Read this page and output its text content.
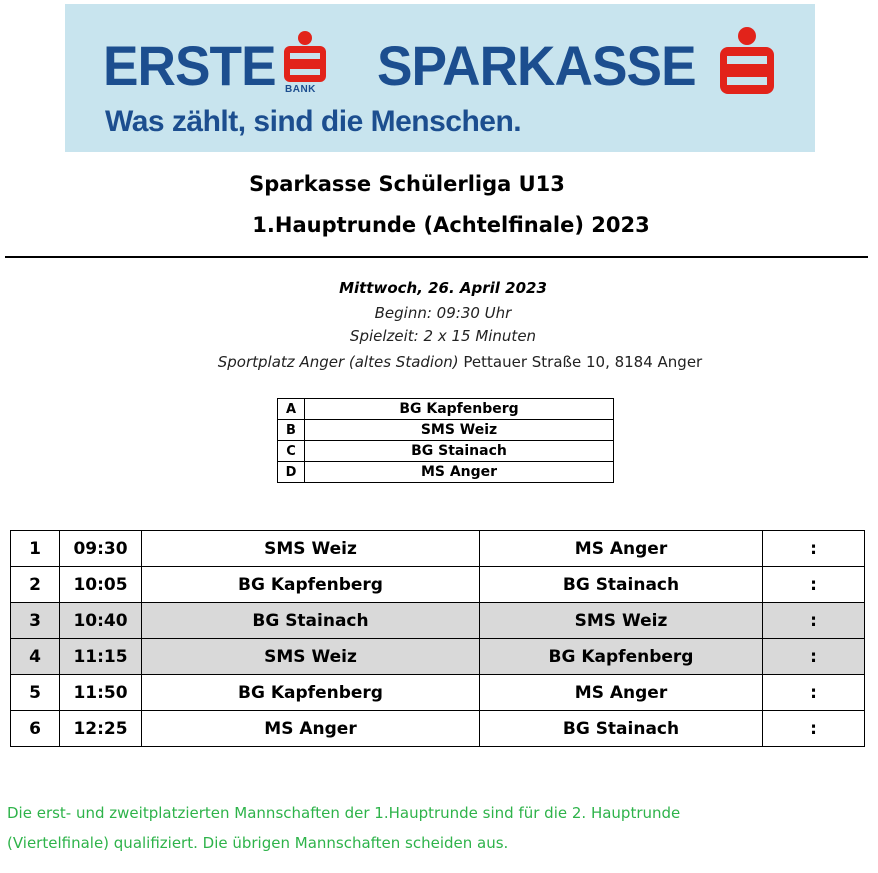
ERSTE BANK SPARKASSE
Was zählt, sind die Menschen.
Sparkasse Schülerliga U13
1.Hauptrunde (Achtelfinale) 2023
Mittwoch, 26. April 2023
Beginn: 09:30 Uhr
Spielzeit: 2 x 15 Minuten
Sportplatz Anger (altes Stadion) Pettauer Straße 10, 8184 Anger
A	BG Kapfenberg
B	SMS Weiz
C	BG Stainach
D	MS Anger
1	09:30	SMS Weiz	MS Anger	:
2	10:05	BG Kapfenberg	BG Stainach	:
3	10:40	BG Stainach	SMS Weiz	:
4	11:15	SMS Weiz	BG Kapfenberg	:
5	11:50	BG Kapfenberg	MS Anger	:
6	12:25	MS Anger	BG Stainach	:
Die erst- und zweitplatzierten Mannschaften der 1.Hauptrunde sind für die 2. Hauptrunde
(Viertelfinale) qualifiziert. Die übrigen Mannschaften scheiden aus.
